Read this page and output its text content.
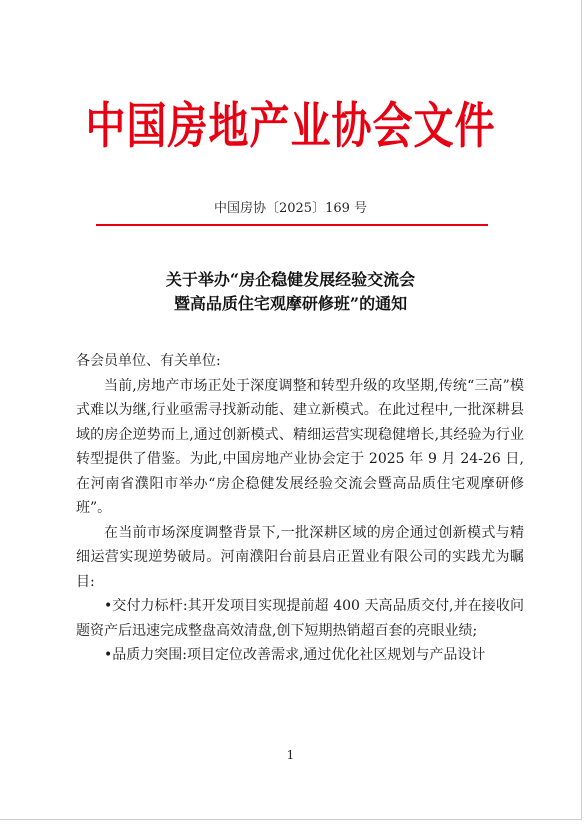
中国房地产业协会文件
中国房协〔2025〕169 号
关于举办“房企稳健发展经验交流会
暨高品质住宅观摩研修班”的通知

各会员单位、有关单位:

当前,房地产市场正处于深度调整和转型升级的攻坚期,传统“三高”模式难以为继,行业亟需寻找新动能、建立新模式。在此过程中,一批深耕县域的房企逆势而上,通过创新模式、精细运营实现稳健增长,其经验为行业转型提供了借鉴。为此,中国房地产业协会定于 2025 年 9 月 24-26 日,在河南省濮阳市举办“房企稳健发展经验交流会暨高品质住宅观摩研修班”。

在当前市场深度调整背景下,一批深耕区域的房企通过创新模式与精细运营实现逆势破局。河南濮阳台前县启正置业有限公司的实践尤为瞩目:

•交付力标杆:其开发项目实现提前超 400 天高品质交付,并在接收问题资产后迅速完成整盘高效清盘,创下短期热销超百套的亮眼业绩;

•品质力突围:项目定位改善需求,通过优化社区规划与产品设计

1
